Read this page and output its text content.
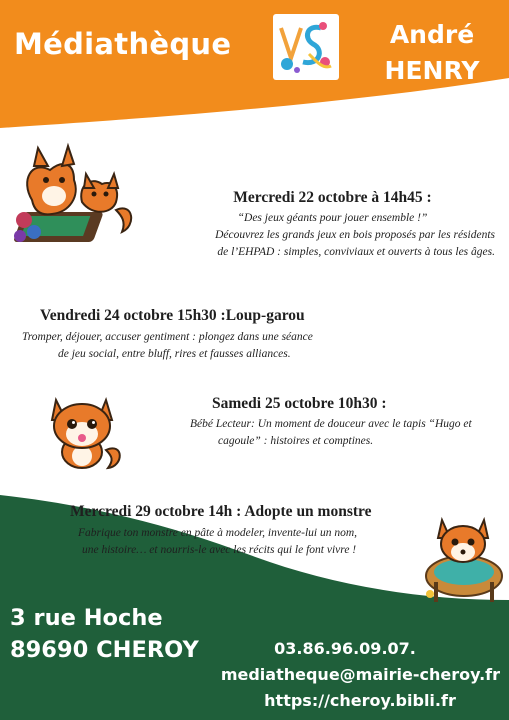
Médiathèque	André
HENRY
Mercredi 22 octobre à 14h45 :
“Des jeux géants pour jouer ensemble !”
Découvrez les grands jeux en bois proposés par les résidents
de l’EHPAD : simples, conviviaux et ouverts à tous les âges.
Vendredi 24 octobre 15h30 :Loup-garou
Tromper, déjouer, accuser gentiment : plongez dans une séance
de jeu social, entre bluff, rires et fausses alliances.
Samedi 25 octobre 10h30 :
Bébé Lecteur: Un moment de douceur avec le tapis “Hugo et
cagoule” : histoires et comptines.
Mercredi 29 octobre 14h : Adopte un monstre
Fabrique ton monstre en pâte à modeler, invente-lui un nom,
une histoire… et nourris-le avec les récits qui le font vivre !
3 rue Hoche
89690 CHEROY	03.86.96.09.07.
mediatheque@mairie-cheroy.fr
https://cheroy.bibli.fr
